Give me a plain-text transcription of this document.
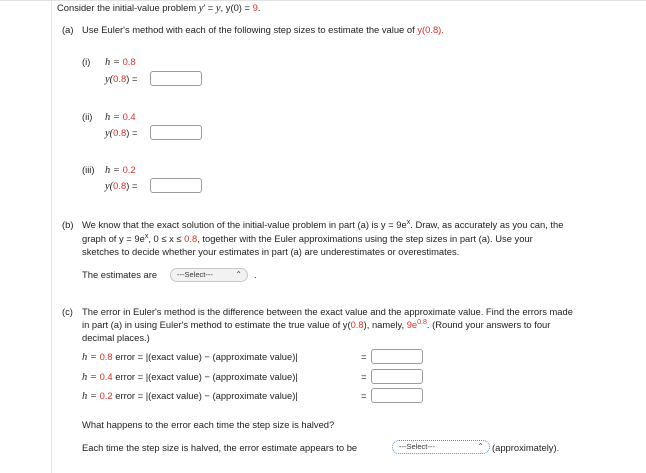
Consider the initial-value problem y′ = y, y(0) = 9.
(a) Use Euler's method with each of the following step sizes to estimate the value of y(0.8).
(i) h = 0.8
y(0.8) =
(ii) h = 0.4
y(0.8) =
(iii) h = 0.2
y(0.8) =
(b) We know that the exact solution of the initial-value problem in part (a) is $y = 9e^x$. Draw, as accurately as you can, the
graph of $y = 9e^x$, 0 ≤ x ≤ 0.8, together with the Euler approximations using the step sizes in part (a). Use your
sketches to decide whether your estimates in part (a) are underestimates or overestimates.
The estimates are	---Select---	⌃ .
(c) The error in Euler's method is the difference between the exact value and the approximate value. Find the errors made
in part (a) in using Euler's method to estimate the true value of y(0.8), namely, $9e^{0.8}$. (Round your answers to four
decimal places.)
h = 0.8 error = |(exact value) − (approximate value)|	=
h = 0.4 error = |(exact value) − (approximate value)|	=
h = 0.2 error = |(exact value) − (approximate value)|	=
What happens to the error each time the step size is halved?
Each time the step size is halved, the error estimate appears to be	---Select---	⌃ (approximately).
